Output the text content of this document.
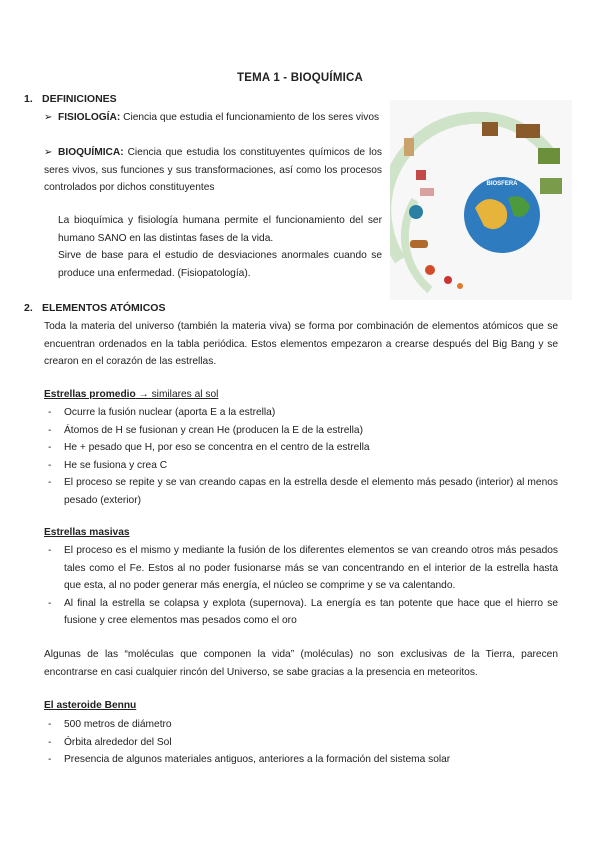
TEMA 1 - BIOQUÍMICA
1. DEFINICIONES
➢ FISIOLOGÍA: Ciencia que estudia el funcionamiento de los seres vivos
➢ BIOQUÍMICA: Ciencia que estudia los constituyentes químicos de los seres vivos, sus funciones y sus transformaciones, así como los procesos controlados por dichos constituyentes
La bioquímica y fisiología humana permite el funcionamiento del ser humano SANO en las distintas fases de la vida.
Sirve de base para el estudio de desviaciones anormales cuando se produce una enfermedad. (Fisiopatología).
BIOSFERA
2. ELEMENTOS ATÓMICOS
Toda la materia del universo (también la materia viva) se forma por combinación de elementos atómicos que se encuentran ordenados en la tabla periódica. Estos elementos empezaron a crearse después del Big Bang y se crearon en el corazón de las estrellas.
Estrellas promedio → similares al sol
- Ocurre la fusión nuclear (aporta E a la estrella)
- Átomos de H se fusionan y crean He (producen la E de la estrella)
- He + pesado que H, por eso se concentra en el centro de la estrella
- He se fusiona y crea C
- El proceso se repite y se van creando capas en la estrella desde el elemento más pesado (interior) al menos pesado (exterior)
Estrellas masivas
- El proceso es el mismo y mediante la fusión de los diferentes elementos se van creando otros más pesados tales como el Fe. Estos al no poder fusionarse más se van concentrando en el interior de la estrella hasta que esta, al no poder generar más energía, el núcleo se comprime y se va calentando.
- Al final la estrella se colapsa y explota (supernova). La energía es tan potente que hace que el hierro se fusione y cree elementos mas pesados como el oro
Algunas de las “moléculas que componen la vida” (moléculas) no son exclusivas de la Tierra, parecen encontrarse en casi cualquier rincón del Universo, se sabe gracias a la presencia en meteoritos.
El asteroide Bennu
- 500 metros de diámetro
- Órbita alrededor del Sol
- Presencia de algunos materiales antiguos, anteriores a la formación del sistema solar
